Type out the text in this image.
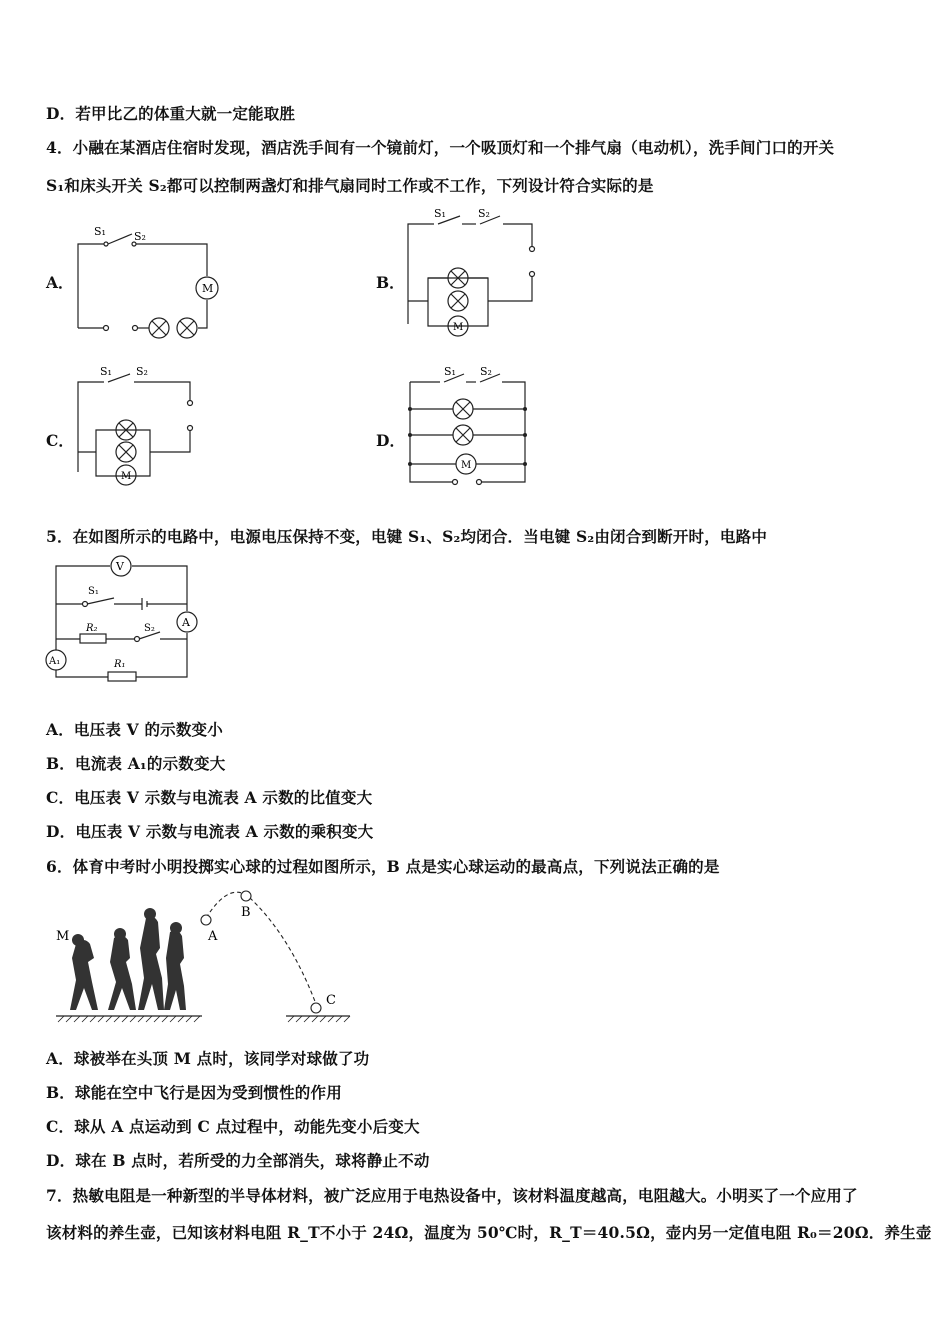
D．若甲比乙的体重大就一定能取胜
4．小融在某酒店住宿时发现，酒店洗手间有一个镜前灯，一个吸顶灯和一个排气扇（电动机），洗手间门口的开关
S₁和床头开关 S₂都可以控制两盏灯和排气扇同时工作或不工作，下列设计符合实际的是
A．	B．
C．	D．
S₁	S₂
M
S₁	S₂
M
S₁ S₂
M
S₁ S₂
M
5．在如图所示的电路中，电源电压保持不变，电键 S₁、S₂均闭合．当电键 S₂由闭合到断开时，电路中
V
A
A₁
S₁
S₂
R₂
R₁
A．电压表 V 的示数变小
B．电流表 A₁的示数变大
C．电压表 V 示数与电流表 A 示数的比值变大
D．电压表 V 示数与电流表 A 示数的乘积变大
6．体育中考时小明投掷实心球的过程如图所示，B 点是实心球运动的最高点，下列说法正确的是
M	A
B
C
A．球被举在头顶 M 点时，该同学对球做了功
B．球能在空中飞行是因为受到惯性的作用
C．球从 A 点运动到 C 点过程中，动能先变小后变大
D．球在 B 点时，若所受的力全部消失，球将静止不动
7．热敏电阻是一种新型的半导体材料，被广泛应用于电热设备中，该材料温度越高，电阻越大。小明买了一个应用了
该材料的养生壶，已知该材料电阻 R_T不小于 24Ω，温度为 50℃时，R_T＝40.5Ω，壶内另一定值电阻 R₀＝20Ω．养生壶
